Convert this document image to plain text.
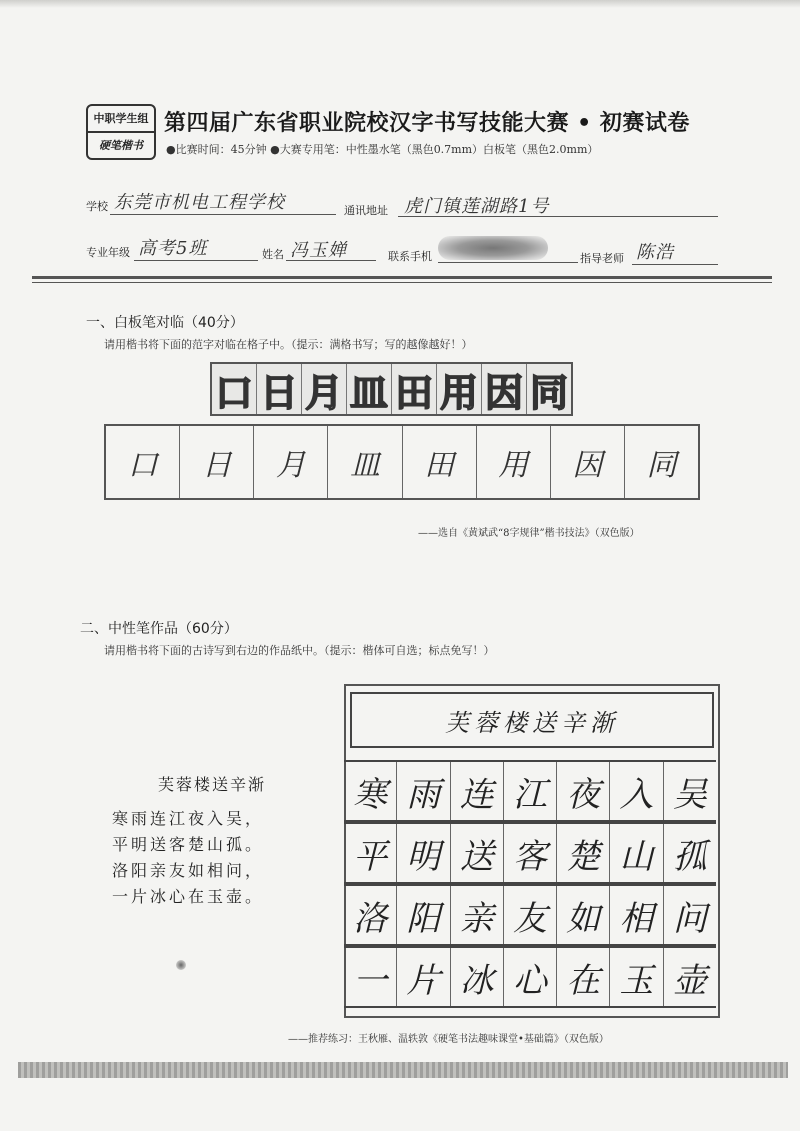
中职学生组
硬笔楷书
第四届广东省职业院校汉字书写技能大赛 • 初赛试卷
●比赛时间：45分钟 ●大赛专用笔：中性墨水笔（黑色0.7mm）白板笔（黑色2.0mm）
学校 东莞市机电工程学校	通讯地址 虎门镇莲湖路1号
专业年级 高考5班	姓名 冯玉婵	联系手机	指导老师 陈浩
一、白板笔对临（40分）
请用楷书将下面的范字对临在格子中。（提示：满格书写；写的越像越好！）
口 日 月 皿 田 用 因 同
口	日	月	皿	田	用	因	同
——选自《黄斌武“8字规律”楷书技法》（双色版）
二、中性笔作品（60分）
请用楷书将下面的古诗写到右边的作品纸中。（提示：楷体可自选；标点免写！）
芙蓉楼送辛渐
寒雨连江夜入吴，
平明送客楚山孤。
洛阳亲友如相问，
一片冰心在玉壶。
芙蓉楼送辛渐
寒 雨 连 江 夜 入 吴
平 明 送 客 楚 山 孤
洛 阳 亲 友 如 相 问
一 片 冰 心 在 玉 壶
——推荐练习：王秋雁、温轶敦《硬笔书法趣味课堂•基础篇》（双色版）
